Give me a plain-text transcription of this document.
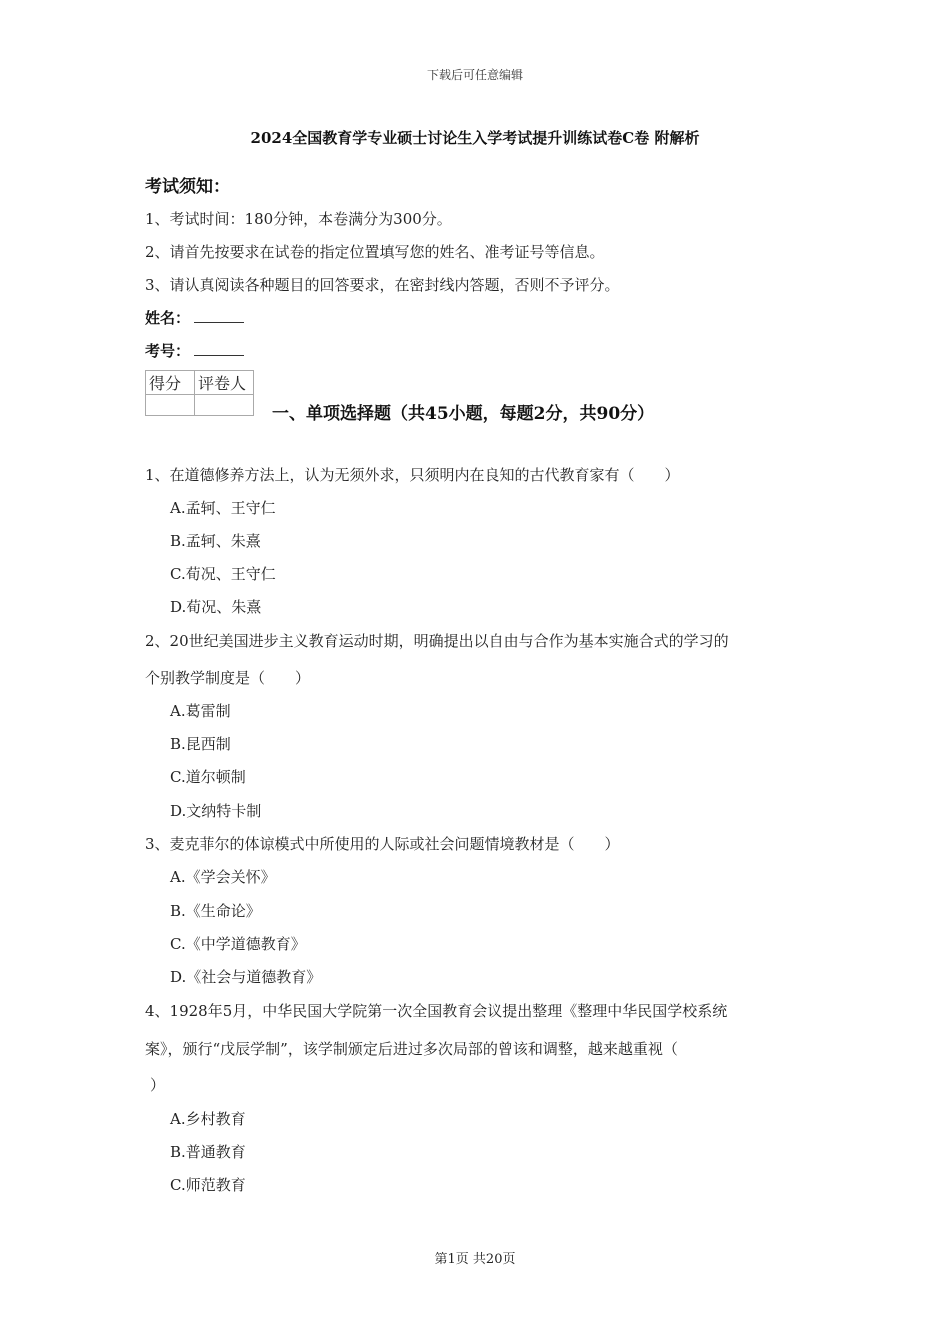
下载后可任意编辑
2024全国教育学专业硕士讨论生入学考试提升训练试卷C卷 附解析
考试须知：
1、考试时间：180分钟，本卷满分为300分。
2、请首先按要求在试卷的指定位置填写您的姓名、准考证号等信息。
3、请认真阅读各种题目的回答要求，在密封线内答题，否则不予评分。
姓名：
考号：
得分	评卷人

一、单项选择题（共45小题，每题2分，共90分）
1、在道德修养方法上，认为无须外求，只须明内在良知的古代教育家有（　　）
A.孟轲、王守仁
B.孟轲、朱熹
C.荀况、王守仁
D.荀况、朱熹
2、20世纪美国进步主义教育运动时期，明确提出以自由与合作为基本实施合式的学习的
个别教学制度是（　　）
A.葛雷制
B.昆西制
C.道尔顿制
D.文纳特卡制
3、麦克菲尔的体谅模式中所使用的人际或社会问题情境教材是（　　）
A.《学会关怀》
B.《生命论》
C.《中学道德教育》
D.《社会与道德教育》
4、1928年5月，中华民国大学院第一次全国教育会议提出整理《整理中华民国学校系统
案》，颁行“戊辰学制”，该学制颁定后进过多次局部的曾该和调整，越来越重视（
）
A.乡村教育
B.普通教育
C.师范教育
第1页 共20页
